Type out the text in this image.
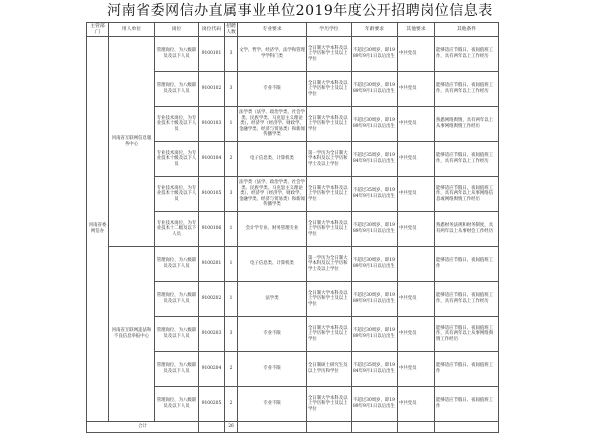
河南省委网信办直属事业单位2019年度公开招聘岗位信息表
主管部门	用人单位	岗位	岗位代码	招聘人数	专业要求	学历学位	年龄要求	其他要求	其他条件
河南省委网信办	河南省互联网信息服务中心	管理岗位，为八级职员及以下人员	9100101	3	文学、哲学、经济学、法学和管理学学科门类	全日制大学本科及以上学历和学士及以上学位	不超过30周岁，即1989年9月1日以后出生	中共党员	能够适应节假日、夜间值班工作，具有两年以上工作经历
		管理岗位，为八级职员及以下人员	9100102	3	专业不限	全日制大学本科及以上学历和学士及以上学位	不超过30周岁，即1989年9月1日以后出生	中共党员	能够适应节假日、夜间值班工作，具有两年以上工作经历
		专业技术岗位，为专业技术十级及以下人员	9100103	1	法学类（法学、政治学类、社会学类、民族学类、马克思主义理论类）、经济学（经济学、财政学、金融学类、经济与贸易类）和新闻传播学类	全日制大学本科及以上学历和学士及以上学位	不超过30周岁，即1989年9月1日以后出生	中共党员	熟悉网络舆情，具有两年以上从事网络舆情工作经历
		专业技术岗位，为专业技术十级及以下人员	9100104	2	电子信息类、计算机类	第一学历为全日制大学本科及以上学历和学士及以上学位	不超过35周岁，即1984年9月1日以后出生	中共党员	能够适应节假日、夜间值班工作，具有两年以上工作经历
		专业技术岗位，为专业技术十级及以下人员	9100105	3	法学类（法学、政治学类、社会学类、民族学类、马克思主义理论类）、经济学（经济学、财政学、金融学类、经济与贸易类）和新闻传播学类	全日制大学本科及以上学历和学士及以上学位	不超过35周岁，即1984年9月1日以后出生	中共党员	能够适应节假日、夜间值班工作，具有两年以上从事网络信息或网络舆情工作经历
		专业技术岗位，为专业技术十二级及以下人员	9100106	1	会计学专业、财务管理专业	全日制大学本科及以上学历和学士及以上学位	不超过30周岁，即1989年9月1日以后出生	中共党员	熟悉财务法规和财务制度，具有两年以上从事财会工作经历
	河南省互联网违法和不良信息举报中心	管理岗位，为八级职员及以下人员	9100201	1	电子信息类、计算机类	第一学历为全日制大学本科及以上学历和学士及以上学位	不超过30周岁，即1989年9月1日以后出生		能够适应节假日、夜间值班工作
		管理岗位，为八级职员及以下人员	9100202	1	法学类	全日制大学本科及以上学历和学士及以上学位	不超过30周岁，即1989年9月1日以后出生	中共党员	能够适应节假日、夜间值班工作，具有两年以上工作经历
		管理岗位，为八级职员及以下人员	9100203	3	专业不限	全日制大学本科及以上学历和学士及以上学位	不超过30周岁，即1989年9月1日以后出生	中共党员	能够适应节假日、夜间值班工作，具有两年以上从事网络舆情工作经历
		管理岗位，为八级职员及以下人员	9100204	2	专业不限	全日制硕士研究生及以上学历和学位	不超过35周岁，即1984年9月1日以后出生	中共党员	能够适应节假日、夜间值班工作
		管理岗位，为八级职员及以下人员	9100205	2	专业不限	全日制大学本科及以上学历和学士及以上学位	不超过30周岁，即1989年9月1日以后出生	中共党员	能够适应节假日、夜间值班工作
合计				26					
